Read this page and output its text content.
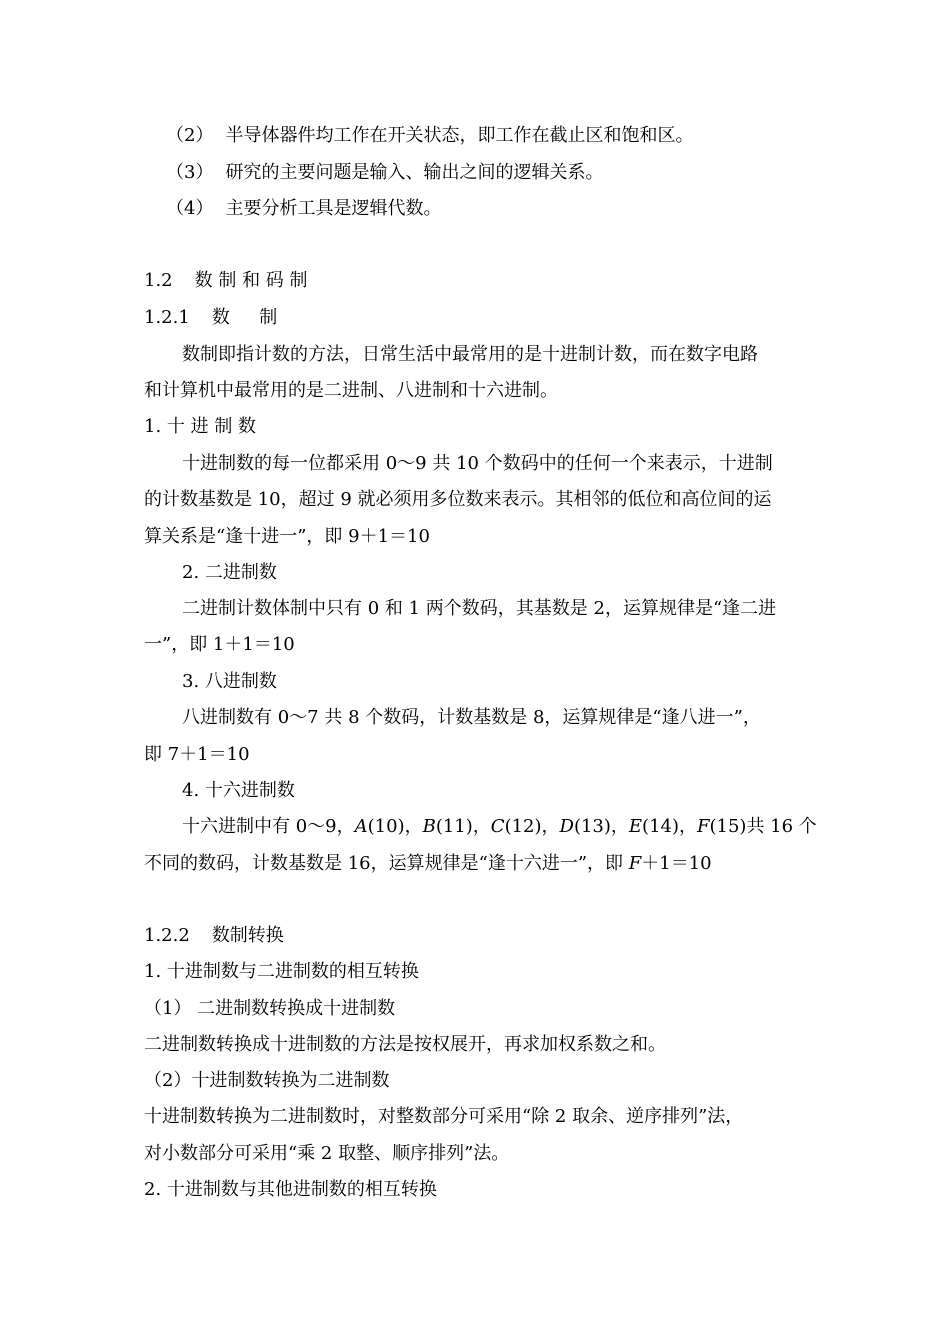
（2） 半导体器件均工作在开关状态，即工作在截止区和饱和区。
（3） 研究的主要问题是输入、输出之间的逻辑关系。
（4） 主要分析工具是逻辑代数。
1.2 数 制 和 码 制
1.2.1 数  制
数制即指计数的方法，日常生活中最常用的是十进制计数，而在数字电路
和计算机中最常用的是二进制、八进制和十六进制。
1. 十 进 制 数
十进制数的每一位都采用 0～9 共 10 个数码中的任何一个来表示，十进制
的计数基数是 10，超过 9 就必须用多位数来表示。其相邻的低位和高位间的运
算关系是“逢十进一”，即 9＋1＝10
2. 二进制数
二进制计数体制中只有 0 和 1 两个数码，其基数是 2，运算规律是“逢二进
一”，即 1＋1＝10
3. 八进制数
八进制数有 0～7 共 8 个数码，计数基数是 8，运算规律是“逢八进一”，
即 7＋1＝10
4. 十六进制数
十六进制中有 0～9，A(10)，B(11)，C(12)，D(13)，E(14)，F(15)共 16 个
不同的数码，计数基数是 16，运算规律是“逢十六进一”，即 F＋1＝10
1.2.2 数制转换
1. 十进制数与二进制数的相互转换
（1） 二进制数转换成十进制数
二进制数转换成十进制数的方法是按权展开，再求加权系数之和。
（2）十进制数转换为二进制数
十进制数转换为二进制数时，对整数部分可采用“除 2 取余、逆序排列”法，
对小数部分可采用“乘 2 取整、顺序排列”法。
2. 十进制数与其他进制数的相互转换
